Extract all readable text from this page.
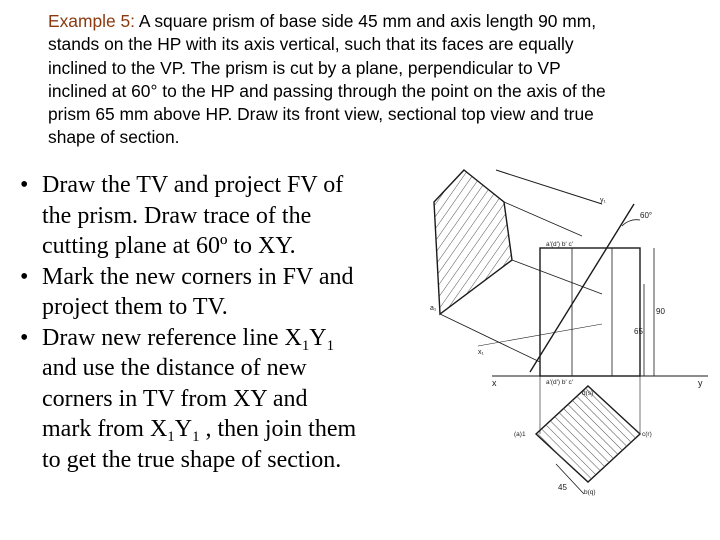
Example 5: A square prism of base side 45 mm and axis length 90 mm,
stands on the HP with its axis vertical, such that its faces are equally
inclined to the VP. The prism is cut by a plane, perpendicular to VP
inclined at 60° to the HP and passing through the point on the axis of the
prism 65 mm above HP. Draw its front view, sectional top view and true
shape of section.
• Draw the TV and project FV of
the prism. Draw trace of the
cutting plane at 60º to XY.
• Mark the new corners in FV and
project them to TV.
• Draw new reference line $X_1Y_1$
and use the distance of new
corners in TV from XY and
mark from $X_1Y_1$ , then join them
to get the true shape of section.
60°
90
65
x	y
45
a'(d') b' c'
a'(d') b' c'
d(s)
(a)1	c(r)
b(q)
x₁
y₁
a₁
